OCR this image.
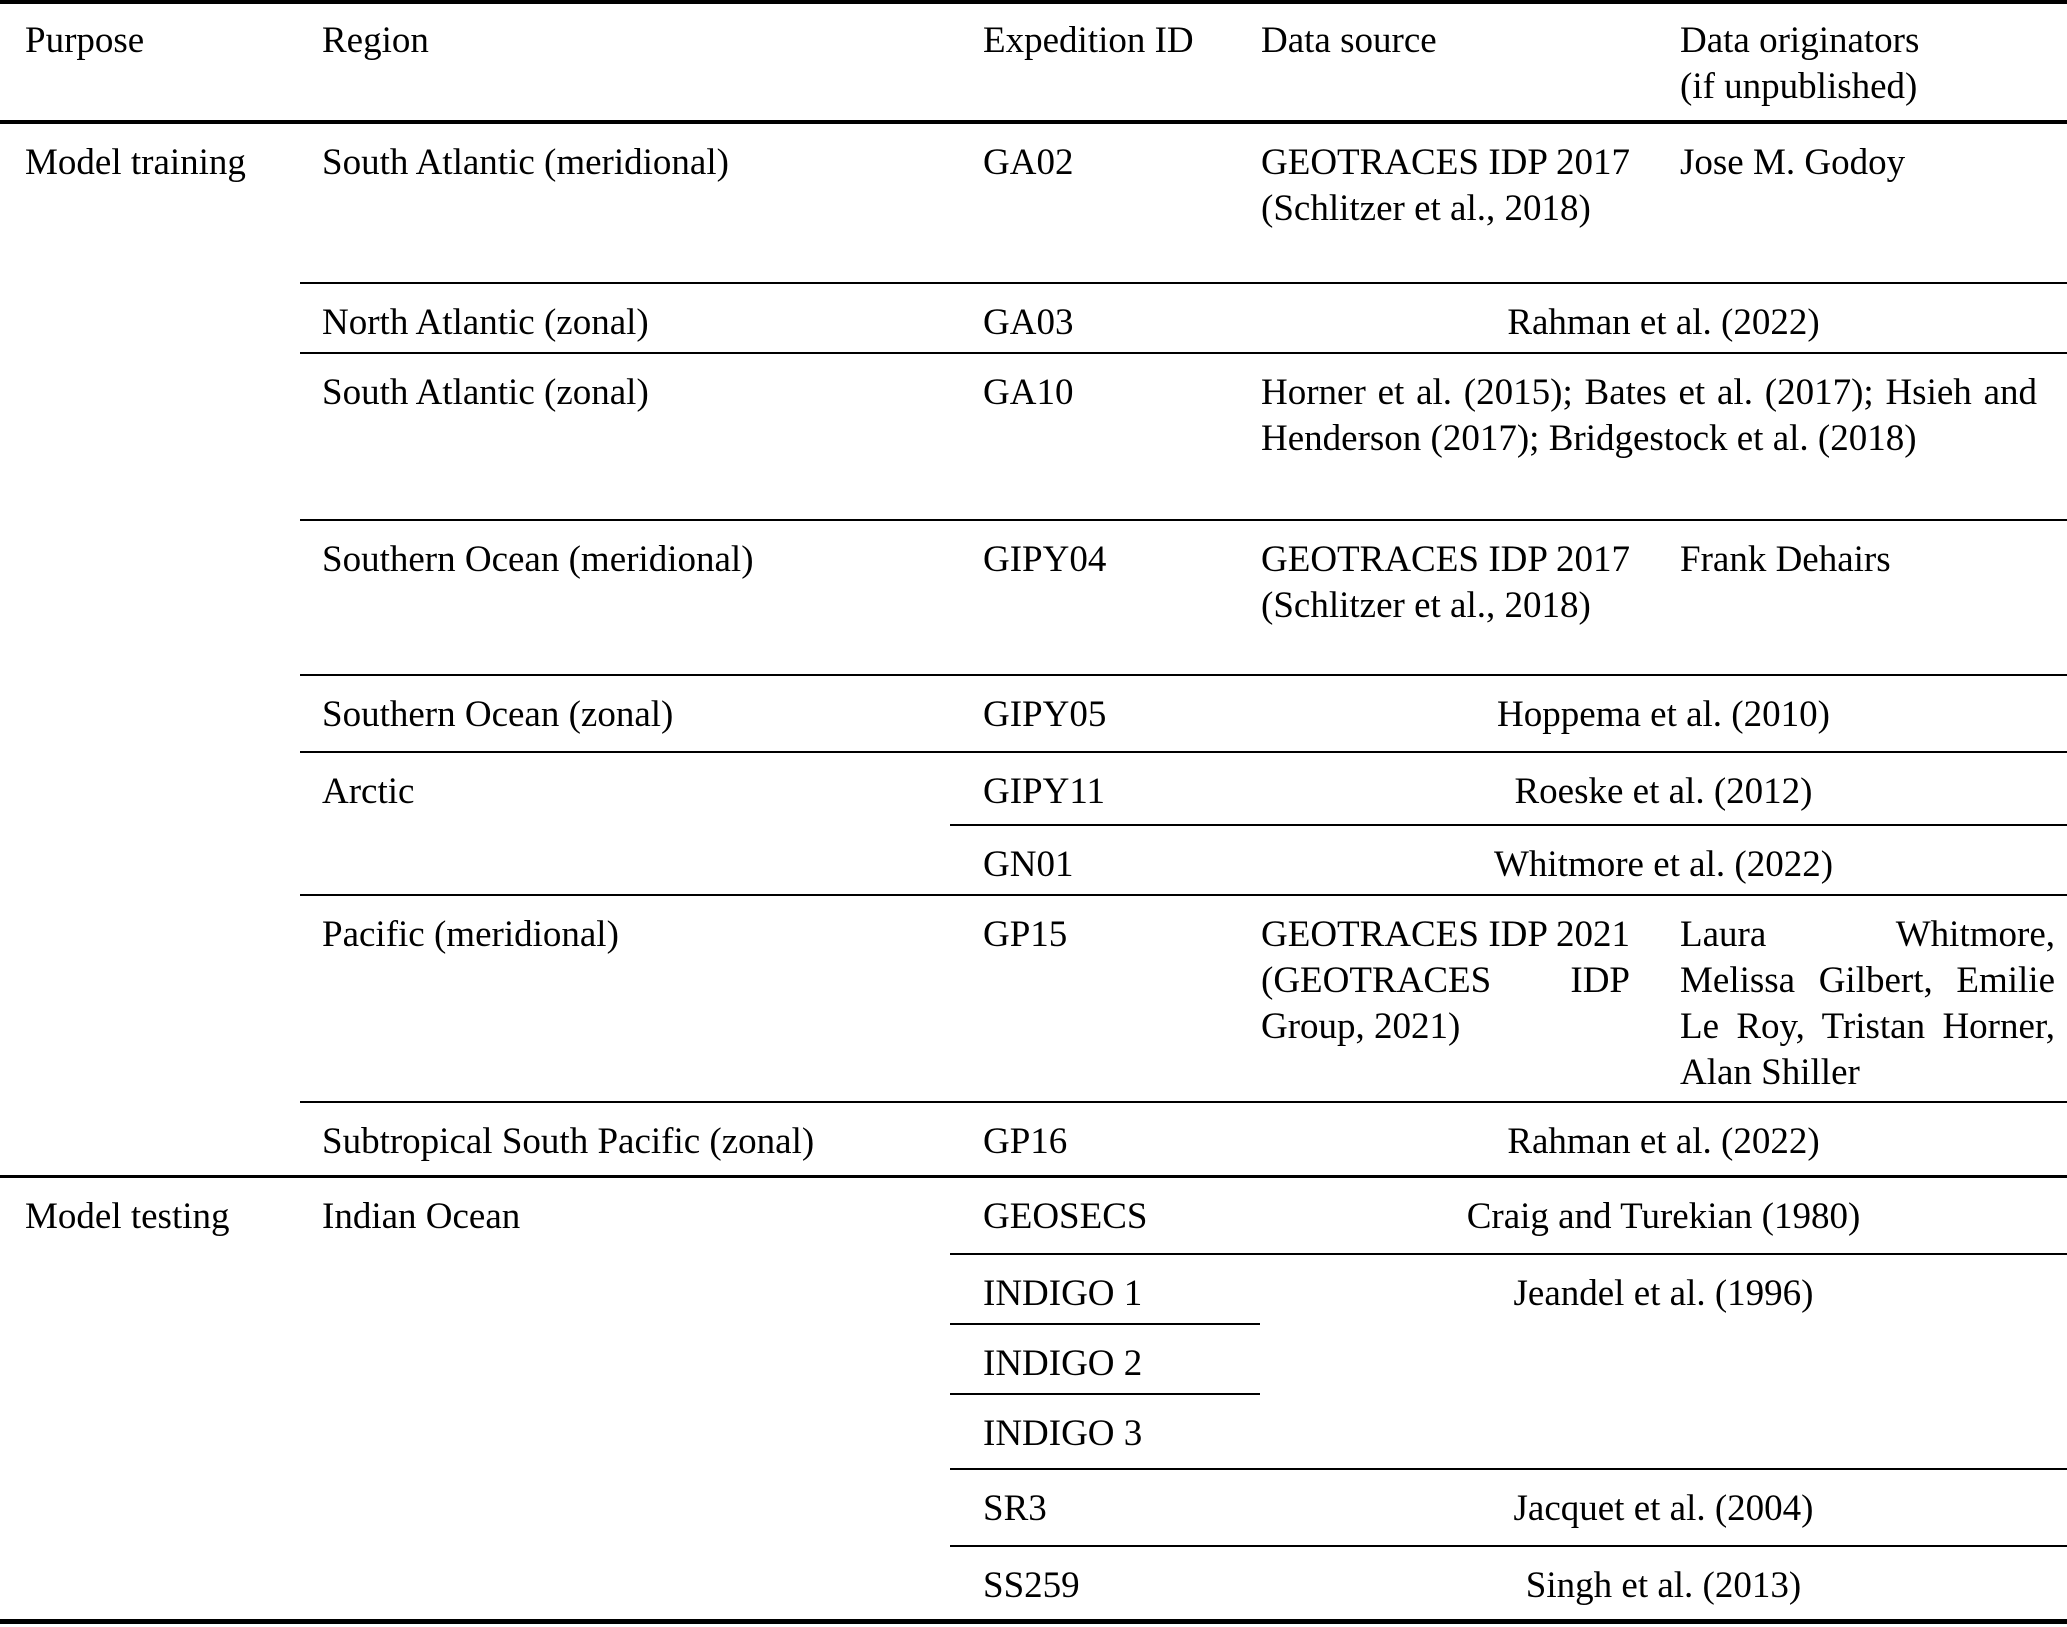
Purpose	Region	Expedition ID	Data source	Data originators
(if unpublished)

Model training	South Atlantic (meridional)	GA02	GEOTRACES IDP 2017 (Schlitzer et al., 2018)	Jose M. Godoy
	North Atlantic (zonal)	GA03	Rahman et al. (2022)	
	South Atlantic (zonal)	GA10	Horner et al. (2015); Bates et al. (2017); Hsieh and Henderson (2017); Bridgestock et al. (2018)	
	Southern Ocean (meridional)	GIPY04	GEOTRACES IDP 2017 (Schlitzer et al., 2018)	Frank Dehairs
	Southern Ocean (zonal)	GIPY05	Hoppema et al. (2010)	
	Arctic	GIPY11	Roeske et al. (2012)	
		GN01	Whitmore et al. (2022)	
	Pacific (meridional)	GP15	GEOTRACES IDP 2021 (GEOTRACES IDP Group, 2021)	Laura Whitmore, Melissa Gilbert, Emilie Le Roy, Tristan Horner, Alan Shiller
	Subtropical South Pacific (zonal)	GP16	Rahman et al. (2022)	
Model testing	Indian Ocean	GEOSECS	Craig and Turekian (1980)	
		INDIGO 1	Jeandel et al. (1996)	
		INDIGO 2		
		INDIGO 3		
		SR3	Jacquet et al. (2004)	
		SS259	Singh et al. (2013)	
